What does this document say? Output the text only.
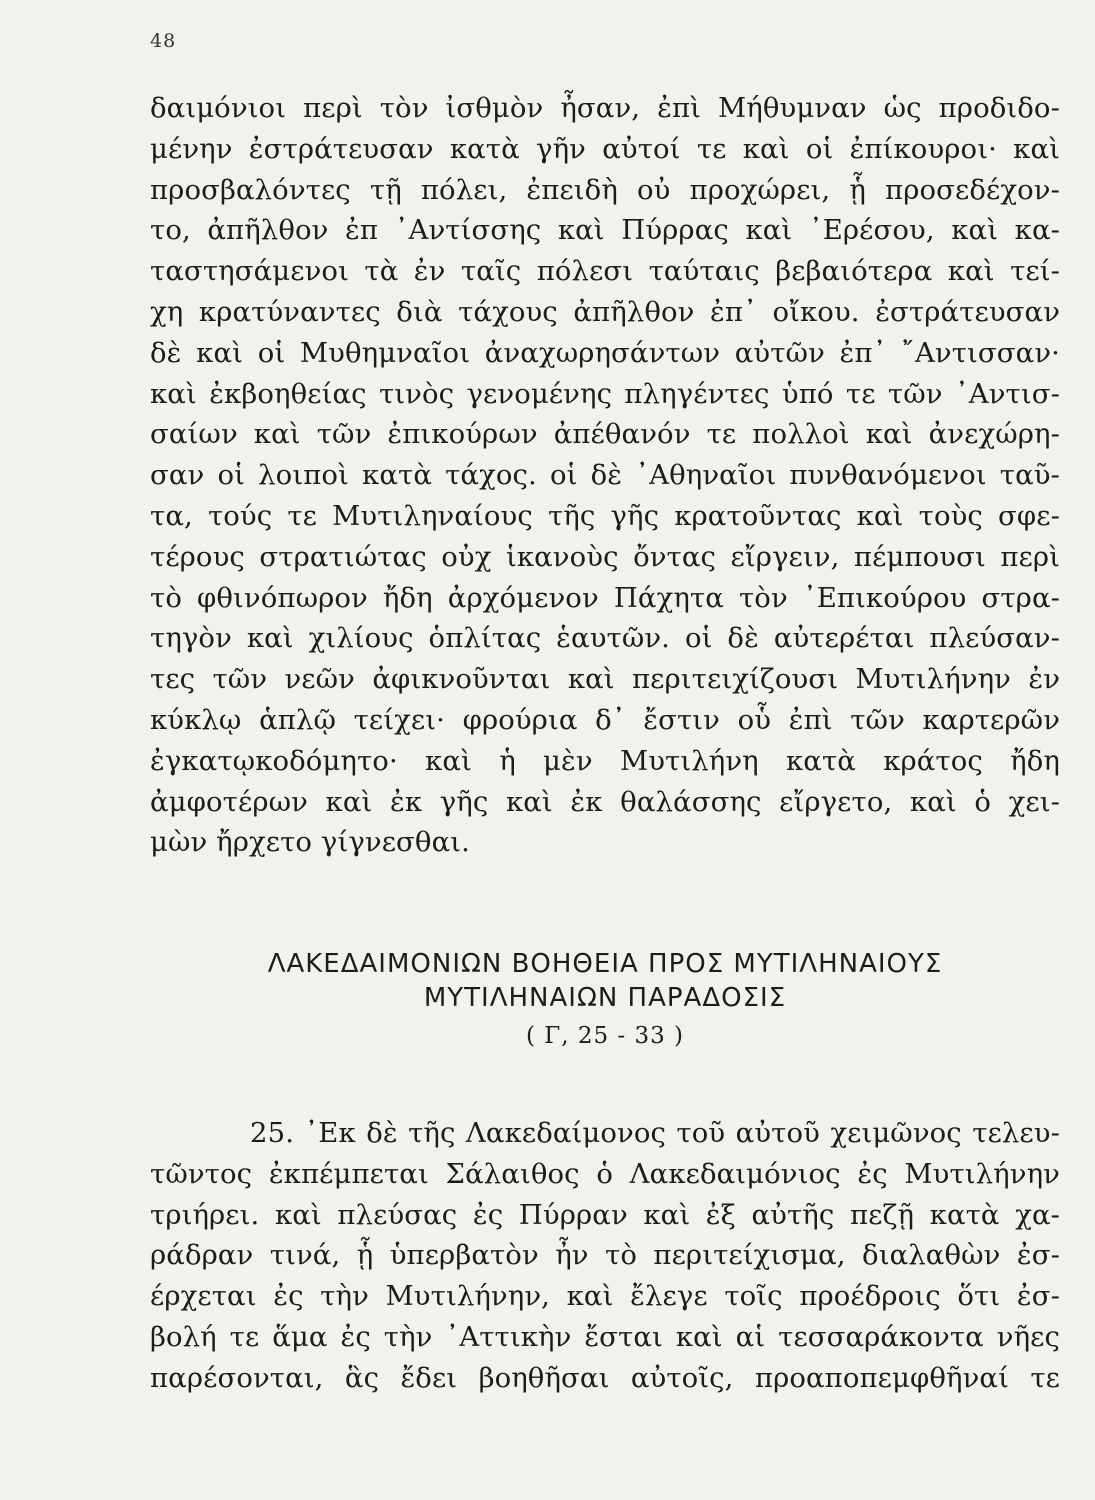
48
δαιμόνιοι περὶ τὸν ἰσθμὸν ἦσαν, ἐπὶ Μήθυμναν ὡς προδιδο-
μένην ἐστράτευσαν κατὰ γῆν αὐτοί τε καὶ οἱ ἐπίκουροι· καὶ
προσβαλόντες τῇ πόλει, ἐπειδὴ οὐ προχώρει, ᾗ προσεδέχον-
το, ἀπῆλθον ἐπ ᾿Αντίσσης καὶ Πύρρας καὶ ᾿Ερέσου, καὶ κα-
ταστησάμενοι τὰ ἐν ταῖς πόλεσι ταύταις βεβαιότερα καὶ τεί-
χη κρατύναντες διὰ τάχους ἀπῆλθον ἐπ᾿ οἴκου. ἐστράτευσαν
δὲ καὶ οἱ Μυθημναῖοι ἀναχωρησάντων αὐτῶν ἐπ᾿ ῎Αντισσαν·
καὶ ἐκβοηθείας τινὸς γενομένης πληγέντες ὑπό τε τῶν ᾿Αντισ-
σαίων καὶ τῶν ἐπικούρων ἀπέθανόν τε πολλοὶ καὶ ἀνεχώρη-
σαν οἱ λοιποὶ κατὰ τάχος. οἱ δὲ ᾿Αθηναῖοι πυνθανόμενοι ταῦ-
τα, τούς τε Μυτιληναίους τῆς γῆς κρατοῦντας καὶ τοὺς σφε-
τέρους στρατιώτας οὐχ ἱκανοὺς ὄντας εἴργειν, πέμπουσι περὶ
τὸ φθινόπωρον ἤδη ἀρχόμενον Πάχητα τὸν ᾿Επικούρου στρα-
τηγὸν καὶ χιλίους ὁπλίτας ἑαυτῶν. οἱ δὲ αὐτερέται πλεύσαν-
τες τῶν νεῶν ἀφικνοῦνται καὶ περιτειχίζουσι Μυτιλήνην ἐν
κύκλῳ ἁπλῷ τείχει· φρούρια δ᾿ ἔστιν οὗ ἐπὶ τῶν καρτερῶν
ἐγκατῳκοδόμητο· καὶ ἡ μὲν Μυτιλήνη κατὰ κράτος ἤδη
ἀμφοτέρων καὶ ἐκ γῆς καὶ ἐκ θαλάσσης εἴργετο, καὶ ὁ χει-
μὼν ἤρχετο γίγνεσθαι.
ΛΑΚΕΔΑΙΜΟΝΙΩΝ ΒΟΗΘΕΙΑ ΠΡΟΣ ΜΥΤΙΛΗΝΑΙΟΥΣ
ΜΥΤΙΛΗΝΑΙΩΝ ΠΑΡΑΔΟΣΙΣ
( Γ, 25 - 33 )
25. ᾿Εκ δὲ τῆς Λακεδαίμονος τοῦ αὐτοῦ χειμῶνος τελευ-
τῶντος ἐκπέμπεται Σάλαιθος ὁ Λακεδαιμόνιος ἐς Μυτιλήνην
τριήρει. καὶ πλεύσας ἐς Πύρραν καὶ ἐξ αὐτῆς πεζῇ κατὰ χα-
ράδραν τινά, ᾗ ὑπερβατὸν ἦν τὸ περιτείχισμα, διαλαθὼν ἐσ-
έρχεται ἐς τὴν Μυτιλήνην, καὶ ἔλεγε τοῖς προέδροις ὅτι ἐσ-
βολή τε ἅμα ἐς τὴν ᾿Αττικὴν ἔσται καὶ αἱ τεσσαράκοντα νῆες
παρέσονται, ἃς ἔδει βοηθῆσαι αὐτοῖς, προαποπεμφθῆναί τε
